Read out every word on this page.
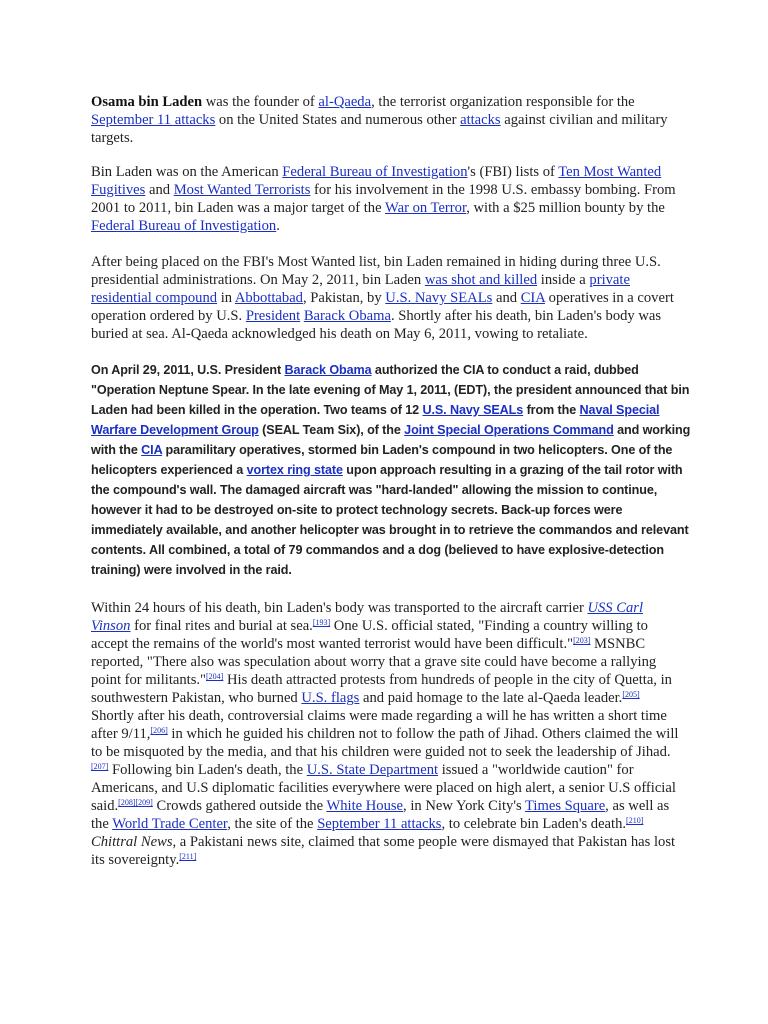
Osama bin Laden was the founder of al-Qaeda, the terrorist organization responsible for the September 11 attacks on the United States and numerous other attacks against civilian and military targets.

Bin Laden was on the American Federal Bureau of Investigation's (FBI) lists of Ten Most Wanted Fugitives and Most Wanted Terrorists for his involvement in the 1998 U.S. embassy bombing. From 2001 to 2011, bin Laden was a major target of the War on Terror, with a $25 million bounty by the Federal Bureau of Investigation.

After being placed on the FBI's Most Wanted list, bin Laden remained in hiding during three U.S. presidential administrations. On May 2, 2011, bin Laden was shot and killed inside a private residential compound in Abbottabad, Pakistan, by U.S. Navy SEALs and CIA operatives in a covert operation ordered by U.S. President Barack Obama. Shortly after his death, bin Laden's body was buried at sea. Al-Qaeda acknowledged his death on May 6, 2011, vowing to retaliate.

On April 29, 2011, U.S. President Barack Obama authorized the CIA to conduct a raid, dubbed "Operation Neptune Spear. In the late evening of May 1, 2011, (EDT), the president announced that bin Laden had been killed in the operation. Two teams of 12 U.S. Navy SEALs from the Naval Special Warfare Development Group (SEAL Team Six), of the Joint Special Operations Command and working with the CIA paramilitary operatives, stormed bin Laden's compound in two helicopters. One of the helicopters experienced a vortex ring state upon approach resulting in a grazing of the tail rotor with the compound's wall. The damaged aircraft was "hard-landed" allowing the mission to continue, however it had to be destroyed on-site to protect technology secrets. Back-up forces were immediately available, and another helicopter was brought in to retrieve the commandos and relevant contents. All combined, a total of 79 commandos and a dog (believed to have explosive-detection training) were involved in the raid.

Within 24 hours of his death, bin Laden's body was transported to the aircraft carrier USS Carl Vinson for final rites and burial at sea.[193] One U.S. official stated, "Finding a country willing to accept the remains of the world's most wanted terrorist would have been difficult."[203] MSNBC reported, "There also was speculation about worry that a grave site could have become a rallying point for militants."[204] His death attracted protests from hundreds of people in the city of Quetta, in southwestern Pakistan, who burned U.S. flags and paid homage to the late al-Qaeda leader.[205] Shortly after his death, controversial claims were made regarding a will he has written a short time after 9/11,[206] in which he guided his children not to follow the path of Jihad. Others claimed the will to be misquoted by the media, and that his children were guided not to seek the leadership of Jihad.[207] Following bin Laden's death, the U.S. State Department issued a "worldwide caution" for Americans, and U.S diplomatic facilities everywhere were placed on high alert, a senior U.S official said.[208][209] Crowds gathered outside the White House, in New York City's Times Square, as well as the World Trade Center, the site of the September 11 attacks, to celebrate bin Laden's death.[210] Chittral News, a Pakistani news site, claimed that some people were dismayed that Pakistan has lost its sovereignty.[211]
